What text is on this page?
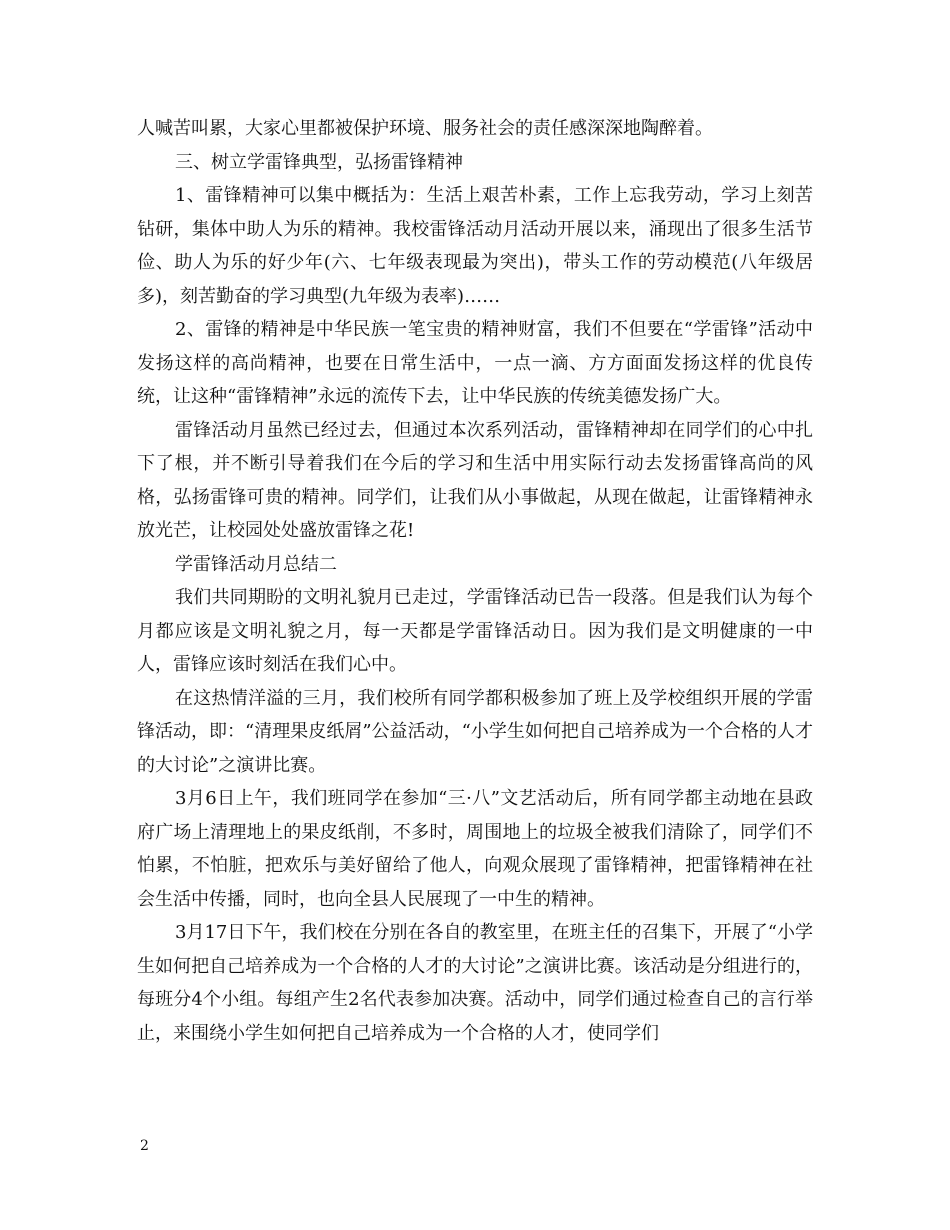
人喊苦叫累，大家心里都被保护环境、服务社会的责任感深深地陶醉着。

三、树立学雷锋典型，弘扬雷锋精神

1、雷锋精神可以集中概括为：生活上艰苦朴素，工作上忘我劳动，学习上刻苦钻研，集体中助人为乐的精神。我校雷锋活动月活动开展以来，涌现出了很多生活节俭、助人为乐的好少年(六、七年级表现最为突出)，带头工作的劳动模范(八年级居多)，刻苦勤奋的学习典型(九年级为表率)……

2、雷锋的精神是中华民族一笔宝贵的精神财富，我们不但要在“学雷锋”活动中发扬这样的高尚精神，也要在日常生活中，一点一滴、方方面面发扬这样的优良传统，让这种“雷锋精神”永远的流传下去，让中华民族的传统美德发扬广大。

雷锋活动月虽然已经过去，但通过本次系列活动，雷锋精神却在同学们的心中扎下了根，并不断引导着我们在今后的学习和生活中用实际行动去发扬雷锋高尚的风格，弘扬雷锋可贵的精神。同学们，让我们从小事做起，从现在做起，让雷锋精神永放光芒，让校园处处盛放雷锋之花!

学雷锋活动月总结二

我们共同期盼的文明礼貌月已走过，学雷锋活动已告一段落。但是我们认为每个月都应该是文明礼貌之月，每一天都是学雷锋活动日。因为我们是文明健康的一中人，雷锋应该时刻活在我们心中。

在这热情洋溢的三月，我们校所有同学都积极参加了班上及学校组织开展的学雷锋活动，即：“清理果皮纸屑”公益活动，“小学生如何把自己培养成为一个合格的人才的大讨论”之演讲比赛。

3月6日上午，我们班同学在参加“三·八”文艺活动后，所有同学都主动地在县政府广场上清理地上的果皮纸削，不多时，周围地上的垃圾全被我们清除了，同学们不怕累，不怕脏，把欢乐与美好留给了他人，向观众展现了雷锋精神，把雷锋精神在社会生活中传播，同时，也向全县人民展现了一中生的精神。

3月17日下午，我们校在分别在各自的教室里，在班主任的召集下，开展了“小学生如何把自己培养成为一个合格的人才的大讨论”之演讲比赛。该活动是分组进行的，每班分4个小组。每组产生2名代表参加决赛。活动中，同学们通过检查自己的言行举止，来围绕小学生如何把自己培养成为一个合格的人才，使同学们

2
